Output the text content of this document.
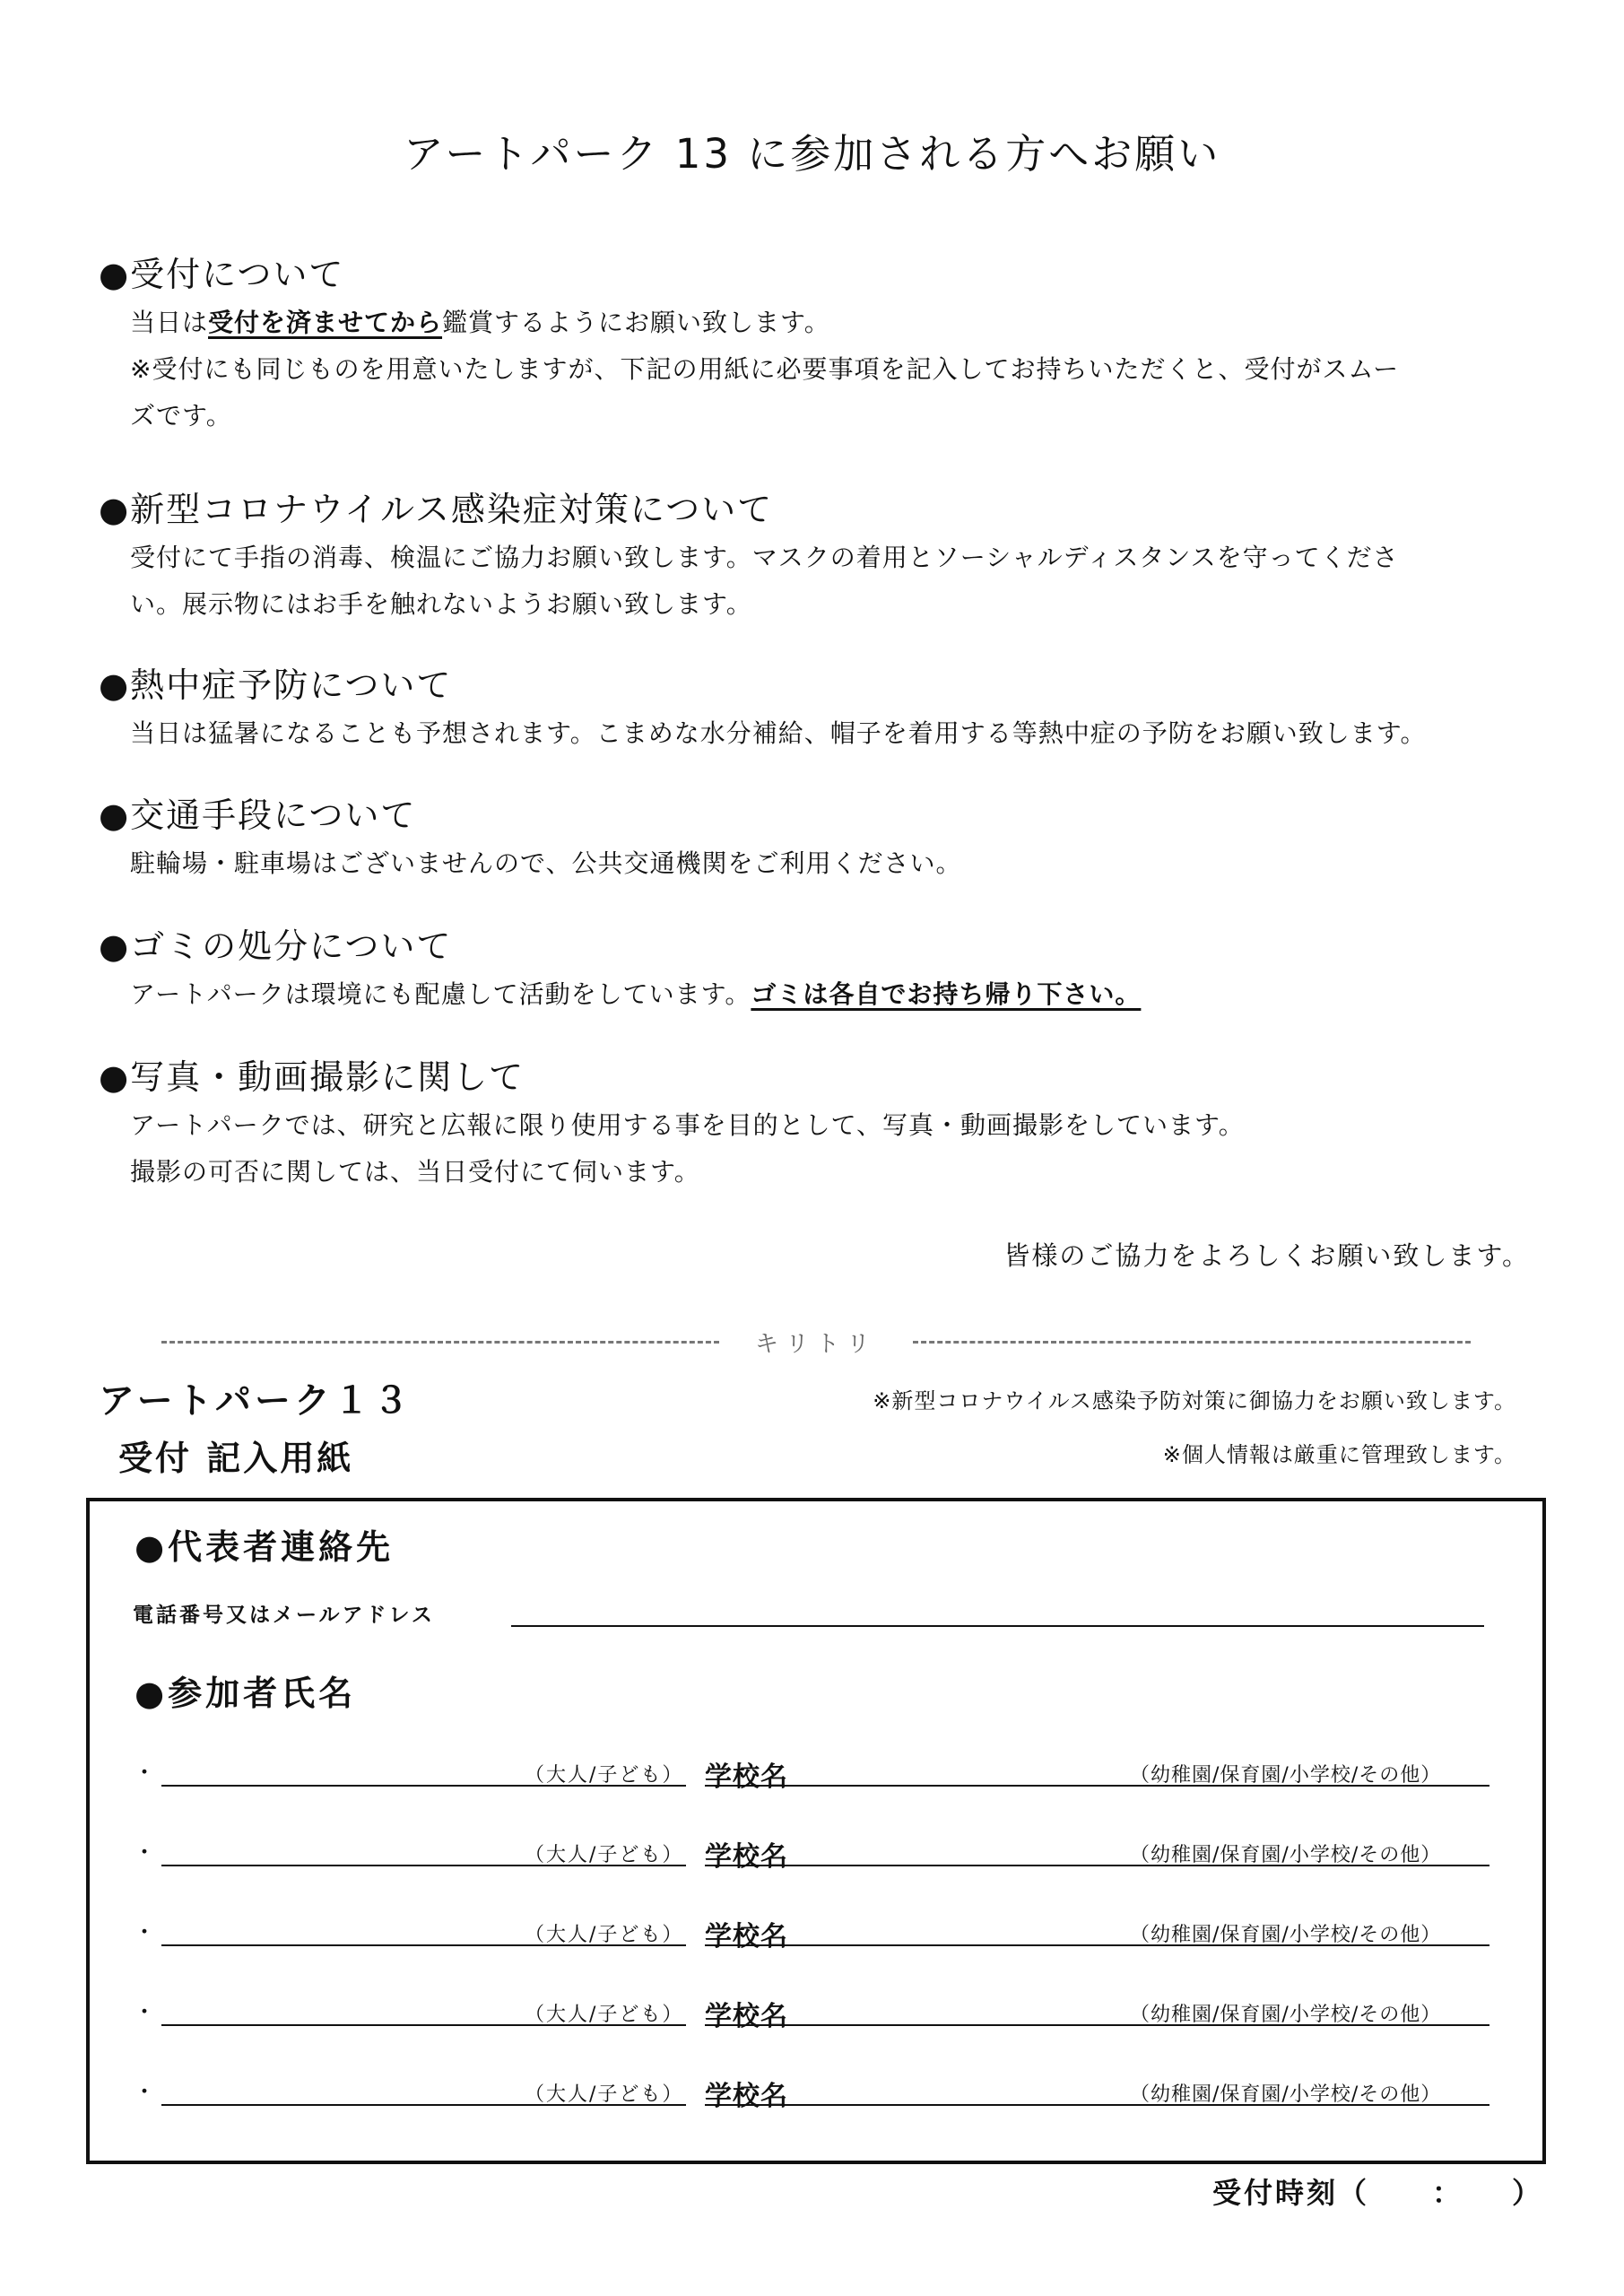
アートパーク 13 に参加される方へお願い
●受付について
当日は受付を済ませてから鑑賞するようにお願い致します。
※受付にも同じものを用意いたしますが、下記の用紙に必要事項を記入してお持ちいただくと、受付がスムー
ズです。
●新型コロナウイルス感染症対策について
受付にて手指の消毒、検温にご協力お願い致します。マスクの着用とソーシャルディスタンスを守ってくださ
い。展示物にはお手を触れないようお願い致します。
●熱中症予防について
当日は猛暑になることも予想されます。こまめな水分補給、帽子を着用する等熱中症の予防をお願い致します。
●交通手段について
駐輪場・駐車場はございませんので、公共交通機関をご利用ください。
●ゴミの処分について
アートパークは環境にも配慮して活動をしています。ゴミは各自でお持ち帰り下さい。
●写真・動画撮影に関して
アートパークでは、研究と広報に限り使用する事を目的として、写真・動画撮影をしています。
撮影の可否に関しては、当日受付にて伺います。
皆様のご協力をよろしくお願い致します。
キリトリ
アートパーク１３
受付 記入用紙
※新型コロナウイルス感染予防対策に御協力をお願い致します。
※個人情報は厳重に管理致します。
●代表者連絡先
電話番号又はメールアドレス
●参加者氏名
・	（大人/子ども） 学校名	（幼稚園/保育園/小学校/その他）
・	（大人/子ども） 学校名	（幼稚園/保育園/小学校/その他）
・	（大人/子ども） 学校名	（幼稚園/保育園/小学校/その他）
・	（大人/子ども） 学校名	（幼稚園/保育園/小学校/その他）
・	（大人/子ども） 学校名	（幼稚園/保育園/小学校/その他）
受付時刻（　　：　　）
